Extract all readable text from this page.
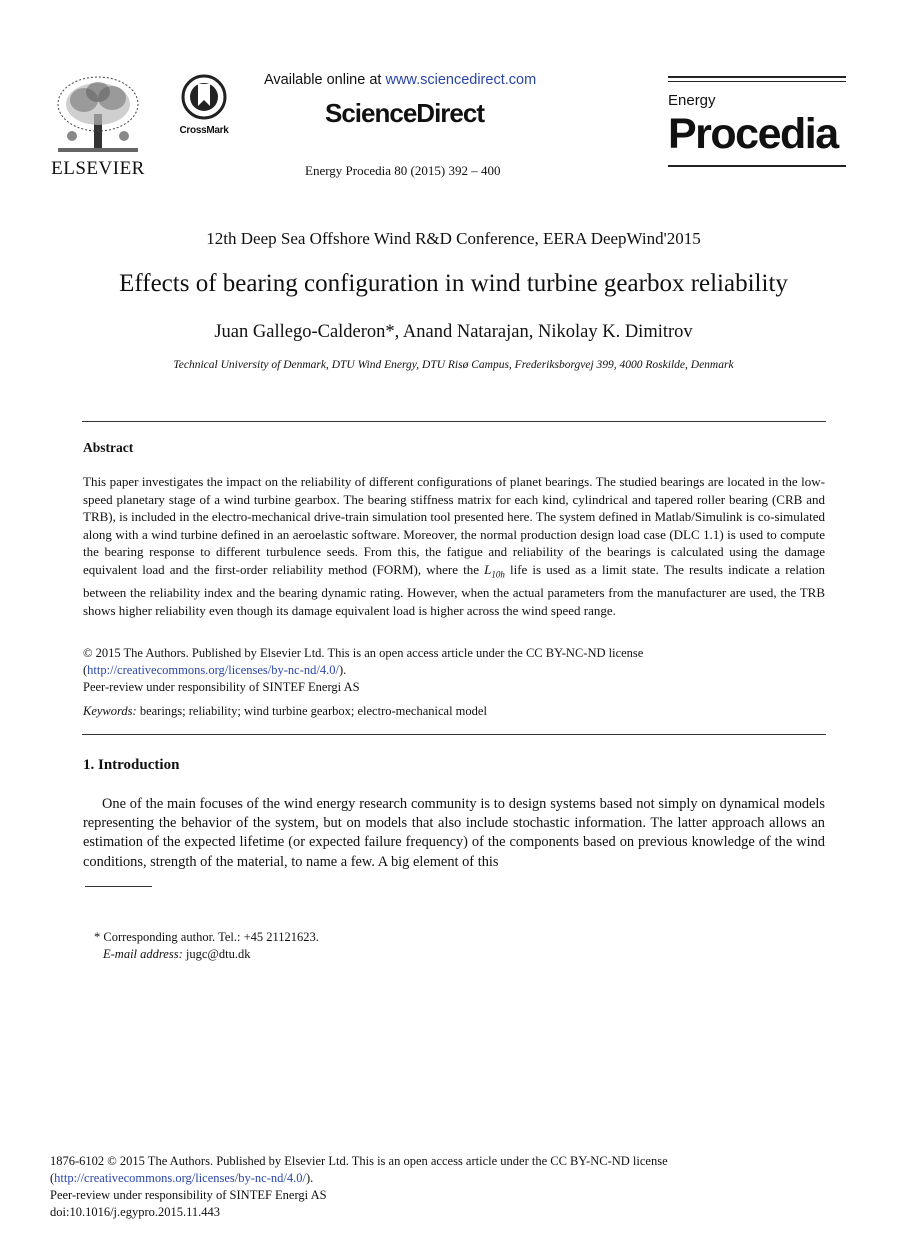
ELSEVIER
CrossMark
Available online at www.sciencedirect.com
ScienceDirect
Energy Procedia 80 (2015) 392 – 400
Energy
Procedia
12th Deep Sea Offshore Wind R&D Conference, EERA DeepWind'2015
Effects of bearing configuration in wind turbine gearbox reliability
Juan Gallego-Calderon*, Anand Natarajan, Nikolay K. Dimitrov
Technical University of Denmark, DTU Wind Energy, DTU Risø Campus, Frederiksborgvej 399, 4000 Roskilde, Denmark
Abstract
This paper investigates the impact on the reliability of different configurations of planet bearings. The studied bearings are located in the low-speed planetary stage of a wind turbine gearbox. The bearing stiffness matrix for each kind, cylindrical and tapered roller bearing (CRB and TRB), is included in the electro-mechanical drive-train simulation tool presented here. The system defined in Matlab/Simulink is co-simulated along with a wind turbine defined in an aeroelastic software. Moreover, the normal production design load case (DLC 1.1) is used to compute the bearing response to different turbulence seeds. From this, the fatigue and reliability of the bearings is calculated using the damage equivalent load and the first-order reliability method (FORM), where the $L_{10h}$ life is used as a limit state. The results indicate a relation between the reliability index and the bearing dynamic rating. However, when the actual parameters from the manufacturer are used, the TRB shows higher reliability even though its damage equivalent load is higher across the wind speed range.
© 2015 The Authors. Published by Elsevier Ltd. This is an open access article under the CC BY-NC-ND license
(http://creativecommons.org/licenses/by-nc-nd/4.0/).
Peer-review under responsibility of SINTEF Energi AS
Keywords: bearings; reliability; wind turbine gearbox; electro-mechanical model
1. Introduction
One of the main focuses of the wind energy research community is to design systems based not simply on dynamical models representing the behavior of the system, but on models that also include stochastic information. The latter approach allows an estimation of the expected lifetime (or expected failure frequency) of the components based on previous knowledge of the wind conditions, strength of the material, to name a few. A big element of this
* Corresponding author. Tel.: +45 21121623.
E-mail address: jugc@dtu.dk
1876-6102 © 2015 The Authors. Published by Elsevier Ltd. This is an open access article under the CC BY-NC-ND license
(http://creativecommons.org/licenses/by-nc-nd/4.0/).
Peer-review under responsibility of SINTEF Energi AS
doi:10.1016/j.egypro.2015.11.443
